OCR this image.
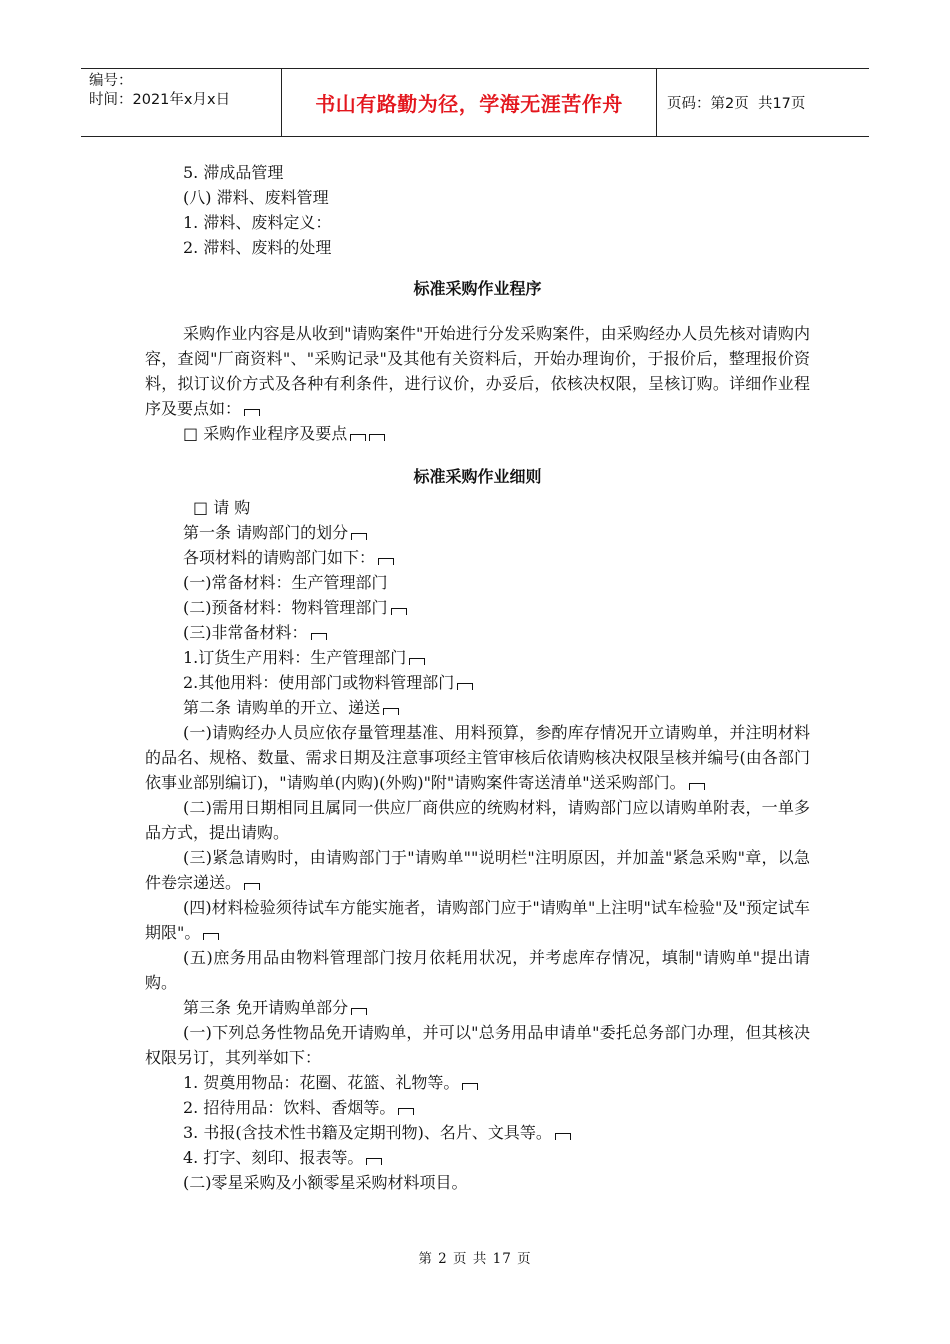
编号：
时间：2021年x月x日	书山有路勤为径，学海无涯苦作舟	页码：第2页  共17页
5. 滞成品管理
(八) 滞料、废料管理
1. 滞料、废料定义：
2. 滞料、废料的处理
标准采购作业程序
采购作业内容是从收到"请购案件"开始进行分发采购案件，由采购经办人员先核对请购内容，查阅"厂商资料"、"采购记录"及其他有关资料后，开始办理询价，于报价后，整理报价资料，拟订议价方式及各种有利条件，进行议价，办妥后，依核决权限，呈核订购。详细作业程序及要点如：
□ 采购作业程序及要点
标准采购作业细则
□ 请 购
第一条 请购部门的划分
各项材料的请购部门如下：
(一)常备材料：生产管理部门
(二)预备材料：物料管理部门
(三)非常备材料：
1.订货生产用料：生产管理部门
2.其他用料：使用部门或物料管理部门
第二条 请购单的开立、递送
(一)请购经办人员应依存量管理基准、用料预算，参酌库存情况开立请购单，并注明材料的品名、规格、数量、需求日期及注意事项经主管审核后依请购核决权限呈核并编号(由各部门依事业部别编订)，"请购单(内购)(外购)"附"请购案件寄送清单"送采购部门。
(二)需用日期相同且属同一供应厂商供应的统购材料，请购部门应以请购单附表，一单多品方式，提出请购。
(三)紧急请购时，由请购部门于"请购单""说明栏"注明原因，并加盖"紧急采购"章，以急件卷宗递送。
(四)材料检验须待试车方能实施者，请购部门应于"请购单"上注明"试车检验"及"预定试车期限"。
(五)庶务用品由物料管理部门按月依耗用状况，并考虑库存情况，填制"请购单"提出请购。
第三条 免开请购单部分
(一)下列总务性物品免开请购单，并可以"总务用品申请单"委托总务部门办理，但其核决权限另订，其列举如下：
1. 贺奠用物品：花圈、花篮、礼物等。
2. 招待用品：饮料、香烟等。
3. 书报(含技术性书籍及定期刊物)、名片、文具等。
4. 打字、刻印、报表等。
(二)零星采购及小额零星采购材料项目。
第 2 页 共 17 页
